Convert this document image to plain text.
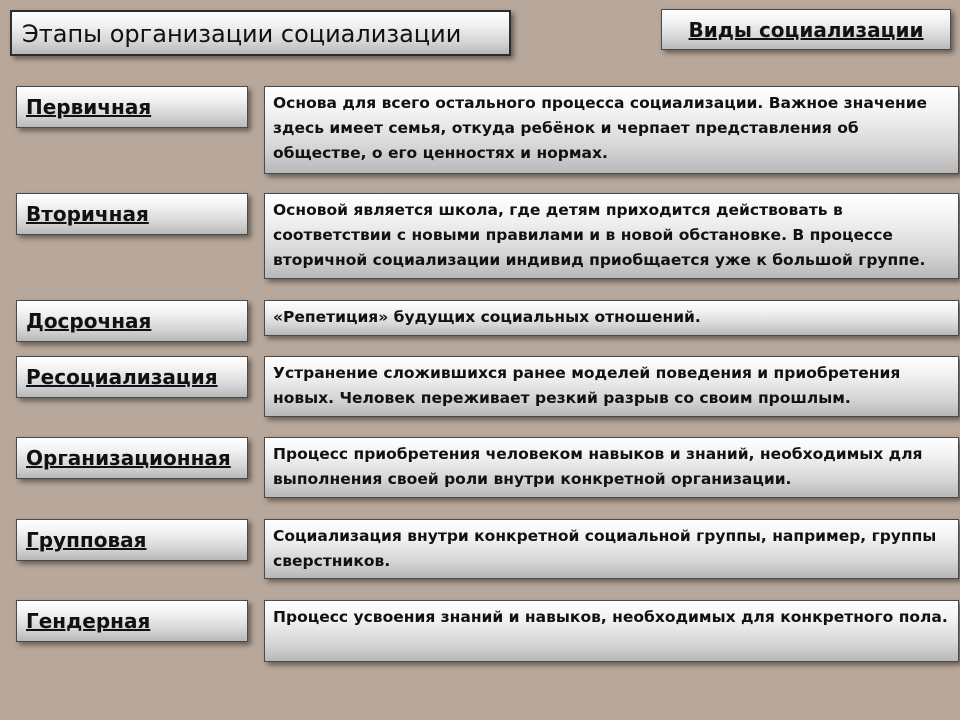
Этапы организации социализации	Виды социализации
Первичная	Основа для всего остального процесса социализации. Важное значение здесь имеет семья, откуда ребёнок и черпает представления об обществе, о его ценностях и нормах.
Вторичная	Основой является школа, где детям приходится действовать в соответствии с новыми правилами и в новой обстановке. В процессе вторичной социализации индивид приобщается уже к большой группе.
Досрочная	«Репетиция» будущих социальных отношений.
Ресоциализация	Устранение сложившихся ранее моделей поведения и приобретения новых. Человек переживает резкий разрыв со своим прошлым.
Организационная	Процесс приобретения человеком навыков и знаний, необходимых для выполнения своей роли внутри конкретной организации.
Групповая	Социализация внутри конкретной социальной группы, например, группы сверстников.
Гендерная	Процесс усвоения знаний и навыков, необходимых для конкретного пола.
